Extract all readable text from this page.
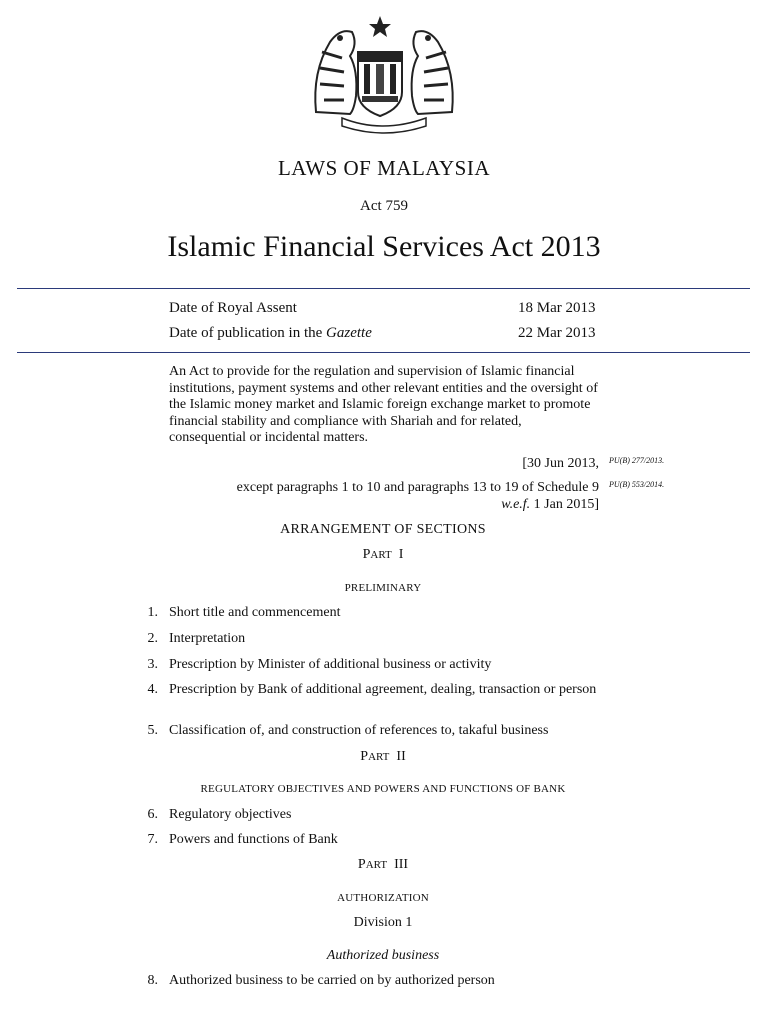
LAWS OF MALAYSIA
Act 759
Islamic Financial Services Act 2013
Date of Royal Assent	18 Mar 2013
Date of publication in the Gazette	22 Mar 2013
An Act to provide for the regulation and supervision of Islamic financial institutions, payment systems and other relevant entities and the oversight of the Islamic money market and Islamic foreign exchange market to promote financial stability and compliance with Shariah and for related, consequential or incidental matters.
[30 Jun 2013, PU(B) 277/2013.
except paragraphs 1 to 10 and paragraphs 13 to 19 of Schedule 9 PU(B) 553/2014.
w.e.f. 1 Jan 2015]
ARRANGEMENT OF SECTIONS
PART I
PRELIMINARY
1. Short title and commencement
2. Interpretation
3. Prescription by Minister of additional business or activity
4. Prescription by Bank of additional agreement, dealing, transaction or person
5. Classification of, and construction of references to, takaful business
PART II
REGULATORY OBJECTIVES AND POWERS AND FUNCTIONS OF BANK
6. Regulatory objectives
7. Powers and functions of Bank
PART III
AUTHORIZATION
Division 1
Authorized business
8. Authorized business to be carried on by authorized person
